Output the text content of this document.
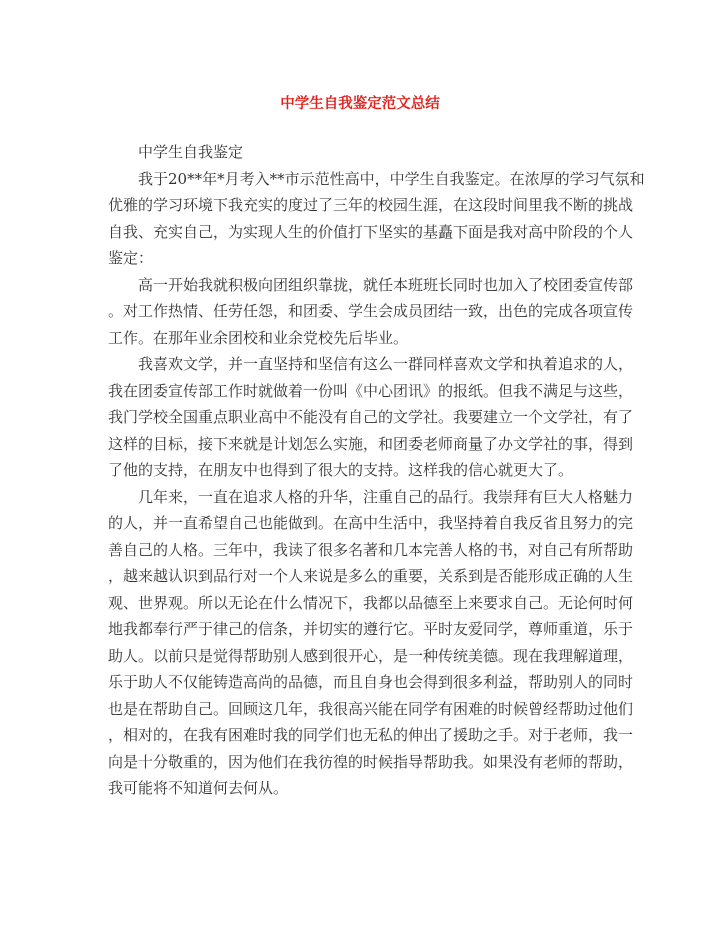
中学生自我鉴定范文总结
中学生自我鉴定
我于20**年*月考入**市示范性高中，中学生自我鉴定。在浓厚的学习气氛和
优雅的学习环境下我充实的度过了三年的校园生涯，在这段时间里我不断的挑战
自我、充实自己，为实现人生的价值打下坚实的基矗下面是我对高中阶段的个人
鉴定：
高一开始我就积极向团组织靠拢，就任本班班长同时也加入了校团委宣传部
。对工作热情、任劳任怨，和团委、学生会成员团结一致，出色的完成各项宣传
工作。在那年业余团校和业余党校先后毕业。
我喜欢文学，并一直坚持和坚信有这么一群同样喜欢文学和执着追求的人，
我在团委宣传部工作时就做着一份叫《中心团讯》的报纸。但我不满足与这些，
我门学校全国重点职业高中不能没有自己的文学社。我要建立一个文学社，有了
这样的目标，接下来就是计划怎么实施，和团委老师商量了办文学社的事，得到
了他的支持，在朋友中也得到了很大的支持。这样我的信心就更大了。
几年来，一直在追求人格的升华，注重自己的品行。我崇拜有巨大人格魅力
的人，并一直希望自己也能做到。在高中生活中，我坚持着自我反省且努力的完
善自己的人格。三年中，我读了很多名著和几本完善人格的书，对自己有所帮助
，越来越认识到品行对一个人来说是多么的重要，关系到是否能形成正确的人生
观、世界观。所以无论在什么情况下，我都以品德至上来要求自己。无论何时何
地我都奉行严于律己的信条，并切实的遵行它。平时友爱同学，尊师重道，乐于
助人。以前只是觉得帮助别人感到很开心，是一种传统美德。现在我理解道理，
乐于助人不仅能铸造高尚的品德，而且自身也会得到很多利益，帮助别人的同时
也是在帮助自己。回顾这几年，我很高兴能在同学有困难的时候曾经帮助过他们
，相对的，在我有困难时我的同学们也无私的伸出了援助之手。对于老师，我一
向是十分敬重的，因为他们在我彷徨的时候指导帮助我。如果没有老师的帮助，
我可能将不知道何去何从。
